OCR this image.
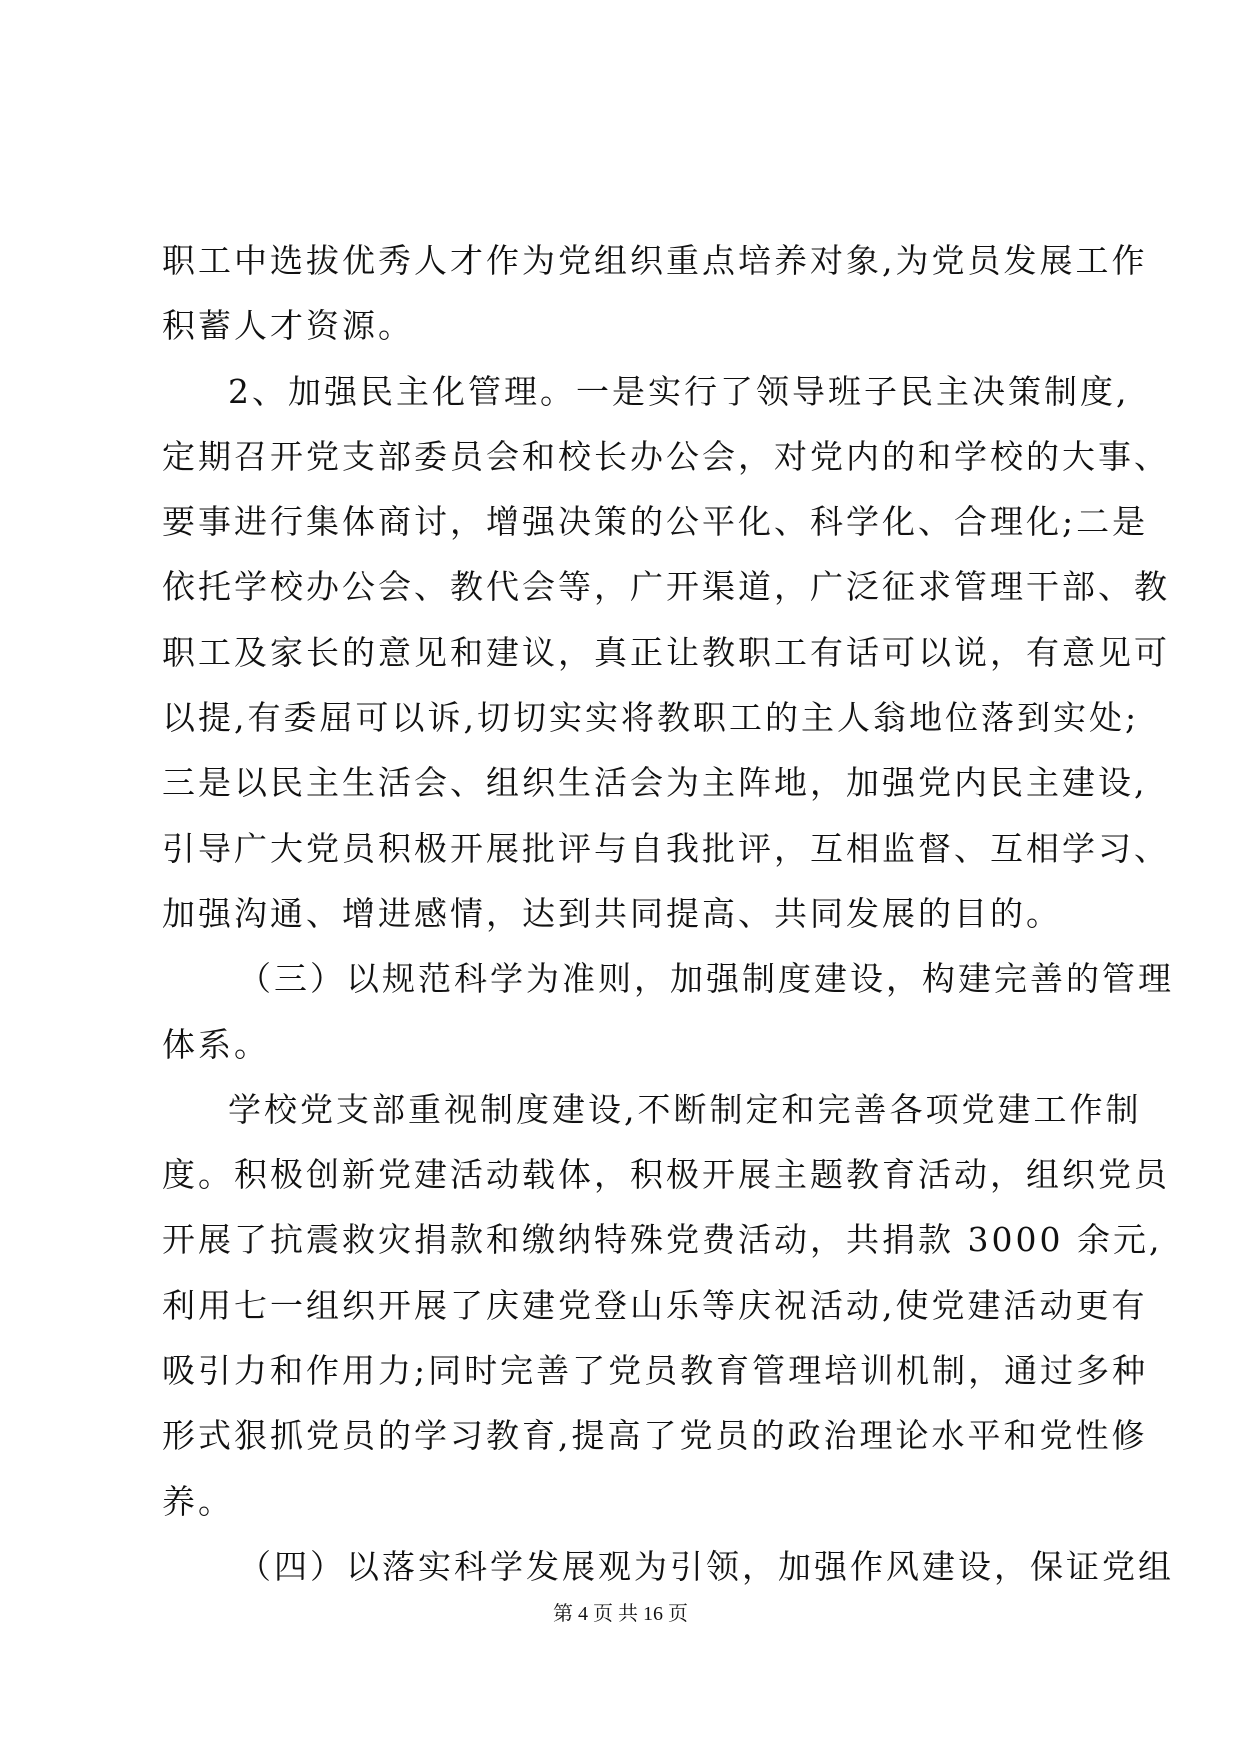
职工中选拔优秀人才作为党组织重点培养对象,为党员发展工作
积蓄人才资源。
2、加强民主化管理。一是实行了领导班子民主决策制度,
定期召开党支部委员会和校长办公会，对党内的和学校的大事、
要事进行集体商讨，增强决策的公平化、科学化、合理化;二是
依托学校办公会、教代会等，广开渠道，广泛征求管理干部、教
职工及家长的意见和建议，真正让教职工有话可以说，有意见可
以提,有委屈可以诉,切切实实将教职工的主人翁地位落到实处;
三是以民主生活会、组织生活会为主阵地，加强党内民主建设,
引导广大党员积极开展批评与自我批评，互相监督、互相学习、
加强沟通、增进感情，达到共同提高、共同发展的目的。
（三）以规范科学为准则，加强制度建设，构建完善的管理
体系。
学校党支部重视制度建设,不断制定和完善各项党建工作制
度。积极创新党建活动载体，积极开展主题教育活动，组织党员
开展了抗震救灾捐款和缴纳特殊党费活动，共捐款 3000 余元,
利用七一组织开展了庆建党登山乐等庆祝活动,使党建活动更有
吸引力和作用力;同时完善了党员教育管理培训机制，通过多种
形式狠抓党员的学习教育,提高了党员的政治理论水平和党性修
养。
（四）以落实科学发展观为引领，加强作风建设，保证党组
第 4 页 共 16 页
